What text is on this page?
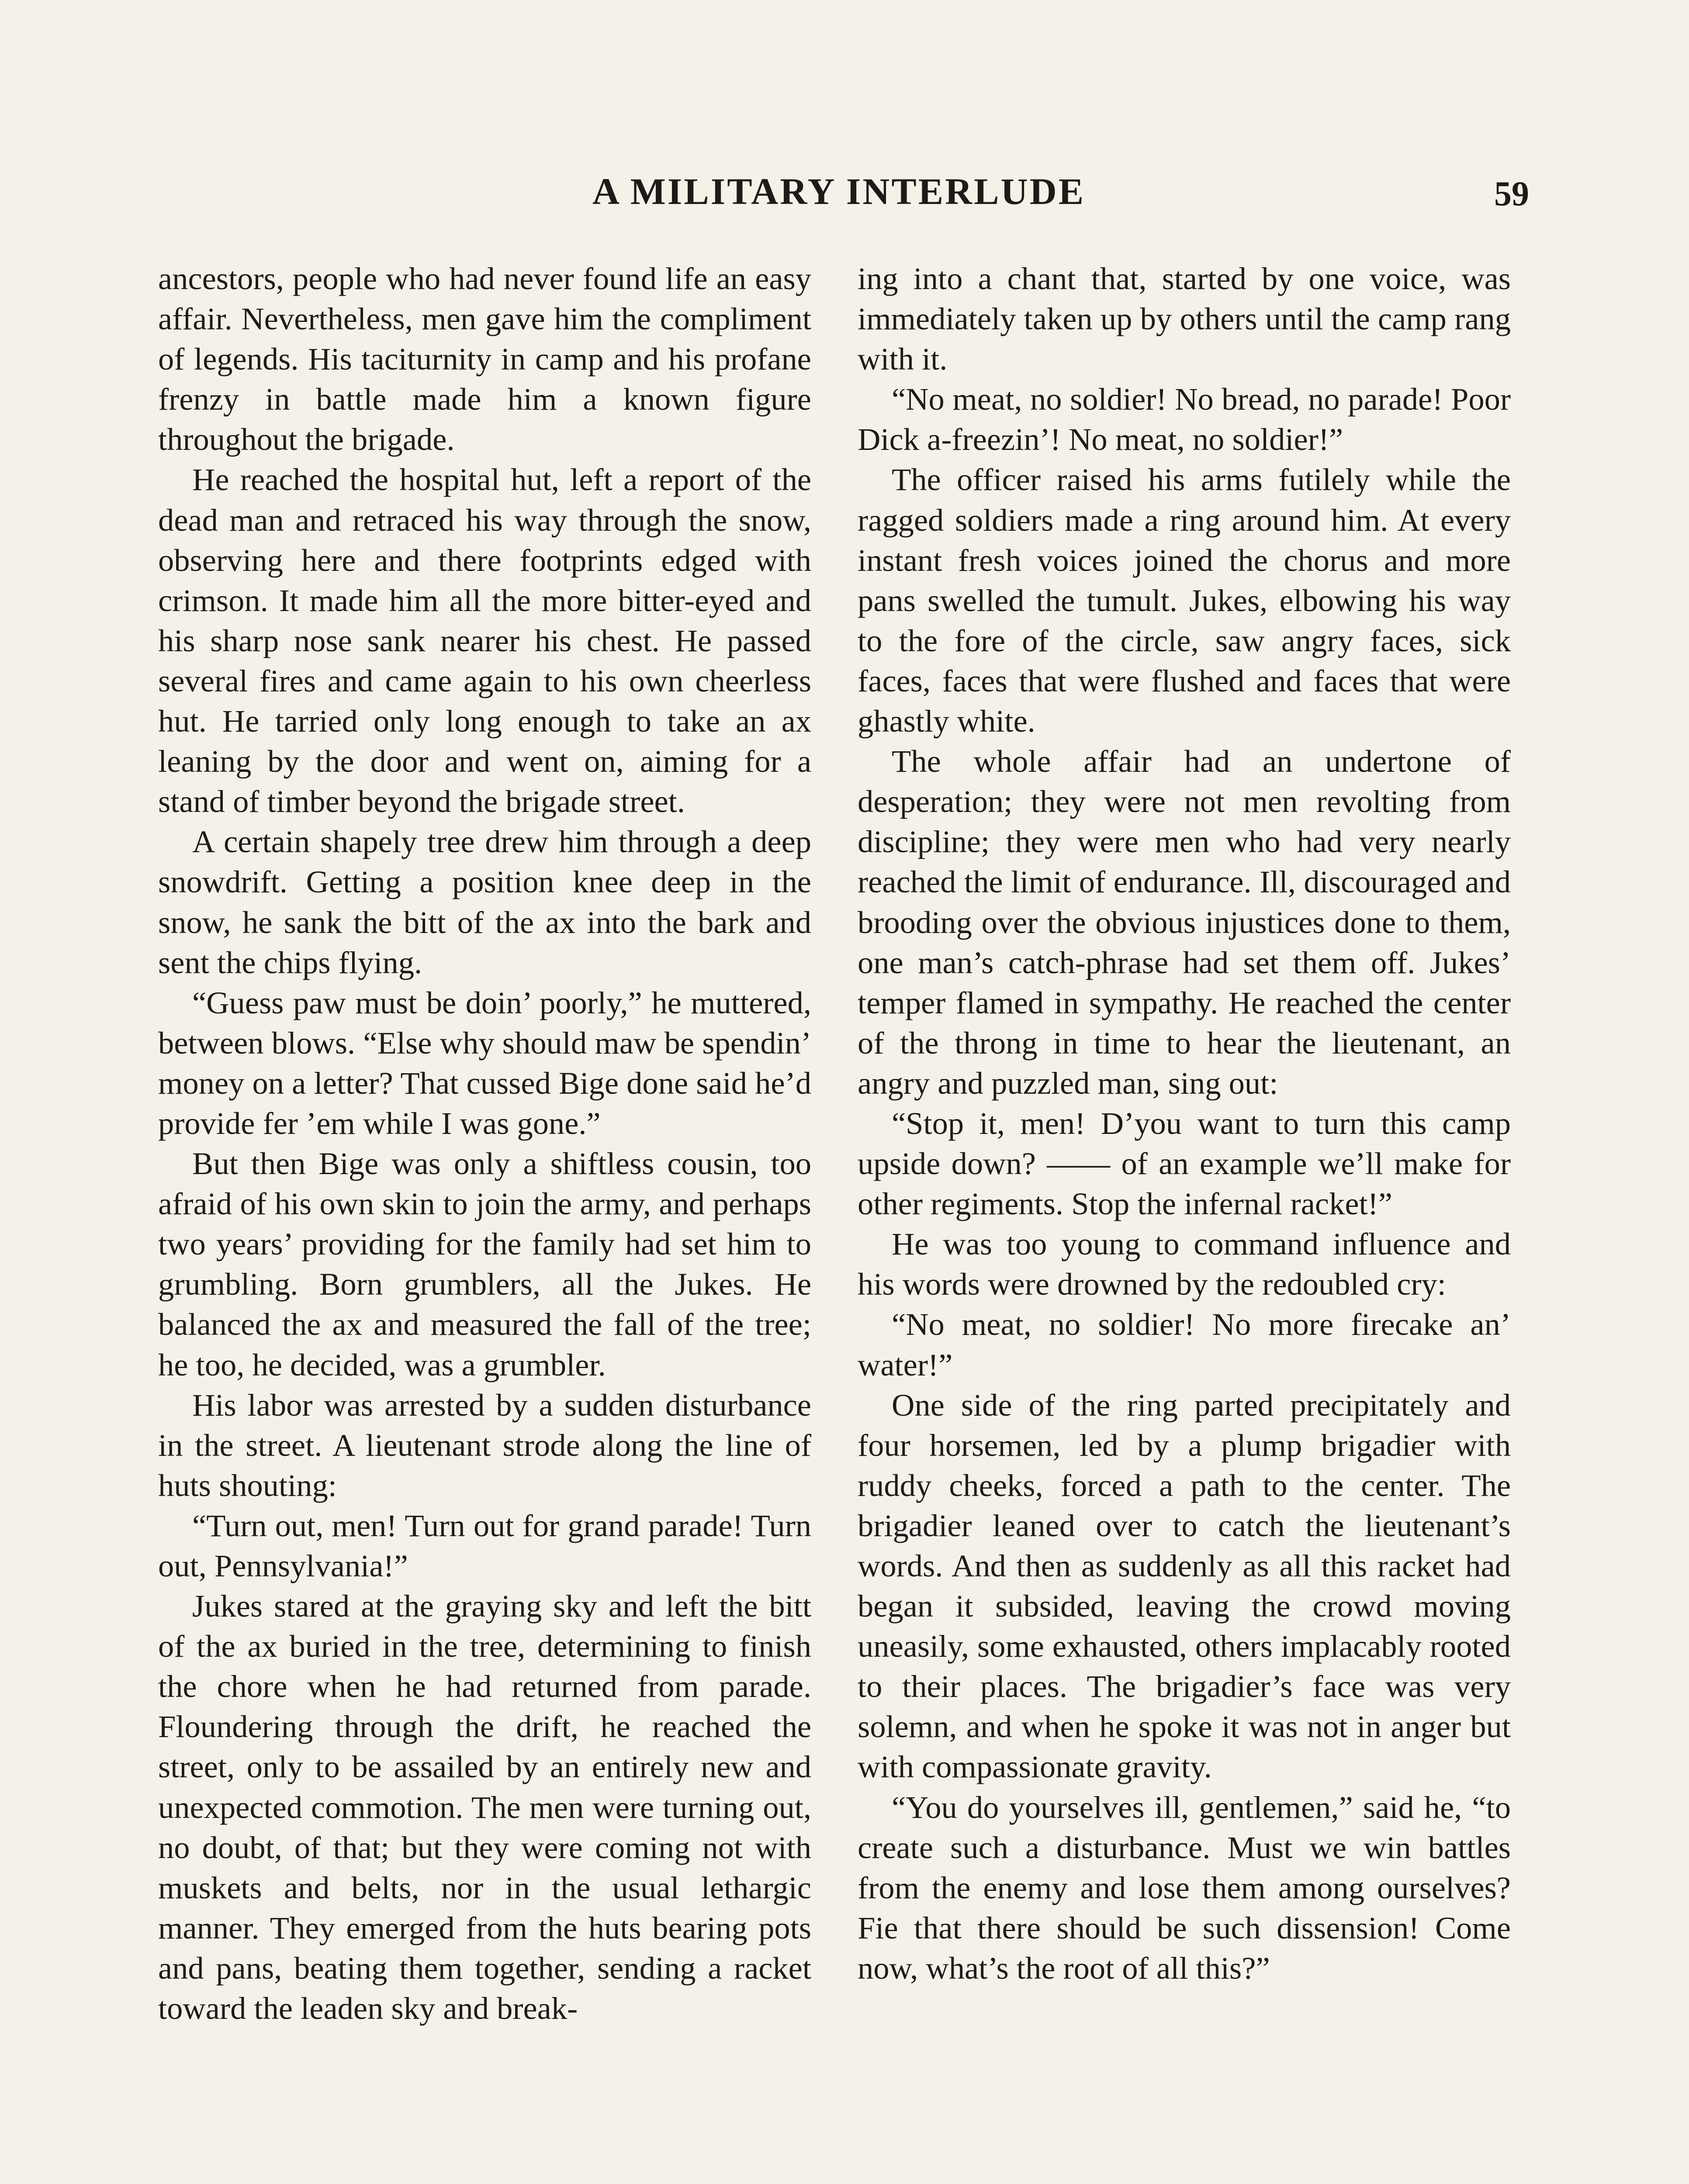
A MILITARY INTERLUDE	59

ancestors, people who had never found life an easy affair. Nevertheless, men gave him the compliment of legends. His taciturnity in camp and his profane frenzy in battle made him a known figure throughout the brigade.

He reached the hospital hut, left a report of the dead man and retraced his way through the snow, observing here and there footprints edged with crimson. It made him all the more bitter-eyed and his sharp nose sank nearer his chest. He passed several fires and came again to his own cheerless hut. He tarried only long enough to take an ax leaning by the door and went on, aiming for a stand of timber beyond the brigade street.

A certain shapely tree drew him through a deep snowdrift. Getting a position knee deep in the snow, he sank the bitt of the ax into the bark and sent the chips flying.

“Guess paw must be doin’ poorly,” he muttered, between blows. “Else why should maw be spendin’ money on a letter? That cussed Bige done said he’d provide fer ’em while I was gone.”

But then Bige was only a shiftless cousin, too afraid of his own skin to join the army, and perhaps two years’ providing for the family had set him to grumbling. Born grumblers, all the Jukes. He balanced the ax and measured the fall of the tree; he too, he decided, was a grumbler.

His labor was arrested by a sudden disturbance in the street. A lieutenant strode along the line of huts shouting:

“Turn out, men! Turn out for grand parade! Turn out, Pennsylvania!”

Jukes stared at the graying sky and left the bitt of the ax buried in the tree, determining to finish the chore when he had returned from parade. Floundering through the drift, he reached the street, only to be assailed by an entirely new and unexpected commotion. The men were turning out, no doubt, of that; but they were coming not with muskets and belts, nor in the usual lethargic manner. They emerged from the huts bearing pots and pans, beating them together, sending a racket toward the leaden sky and break-

ing into a chant that, started by one voice, was immediately taken up by others until the camp rang with it.

“No meat, no soldier! No bread, no parade! Poor Dick a-freezin’! No meat, no soldier!”

The officer raised his arms futilely while the ragged soldiers made a ring around him. At every instant fresh voices joined the chorus and more pans swelled the tumult. Jukes, elbowing his way to the fore of the circle, saw angry faces, sick faces, faces that were flushed and faces that were ghastly white.

The whole affair had an undertone of desperation; they were not men revolting from discipline; they were men who had very nearly reached the limit of endurance. Ill, discouraged and brooding over the obvious injustices done to them, one man’s catch-phrase had set them off. Jukes’ temper flamed in sympathy. He reached the center of the throng in time to hear the lieutenant, an angry and puzzled man, sing out:

“Stop it, men! D’you want to turn this camp upside down? —— of an example we’ll make for other regiments. Stop the infernal racket!”

He was too young to command influence and his words were drowned by the redoubled cry:

“No meat, no soldier! No more firecake an’ water!”

One side of the ring parted precipitately and four horsemen, led by a plump brigadier with ruddy cheeks, forced a path to the center. The brigadier leaned over to catch the lieutenant’s words. And then as suddenly as all this racket had began it subsided, leaving the crowd moving uneasily, some exhausted, others implacably rooted to their places. The brigadier’s face was very solemn, and when he spoke it was not in anger but with compassionate gravity.

“You do yourselves ill, gentlemen,” said he, “to create such a disturbance. Must we win battles from the enemy and lose them among ourselves? Fie that there should be such dissension! Come now, what’s the root of all this?”
